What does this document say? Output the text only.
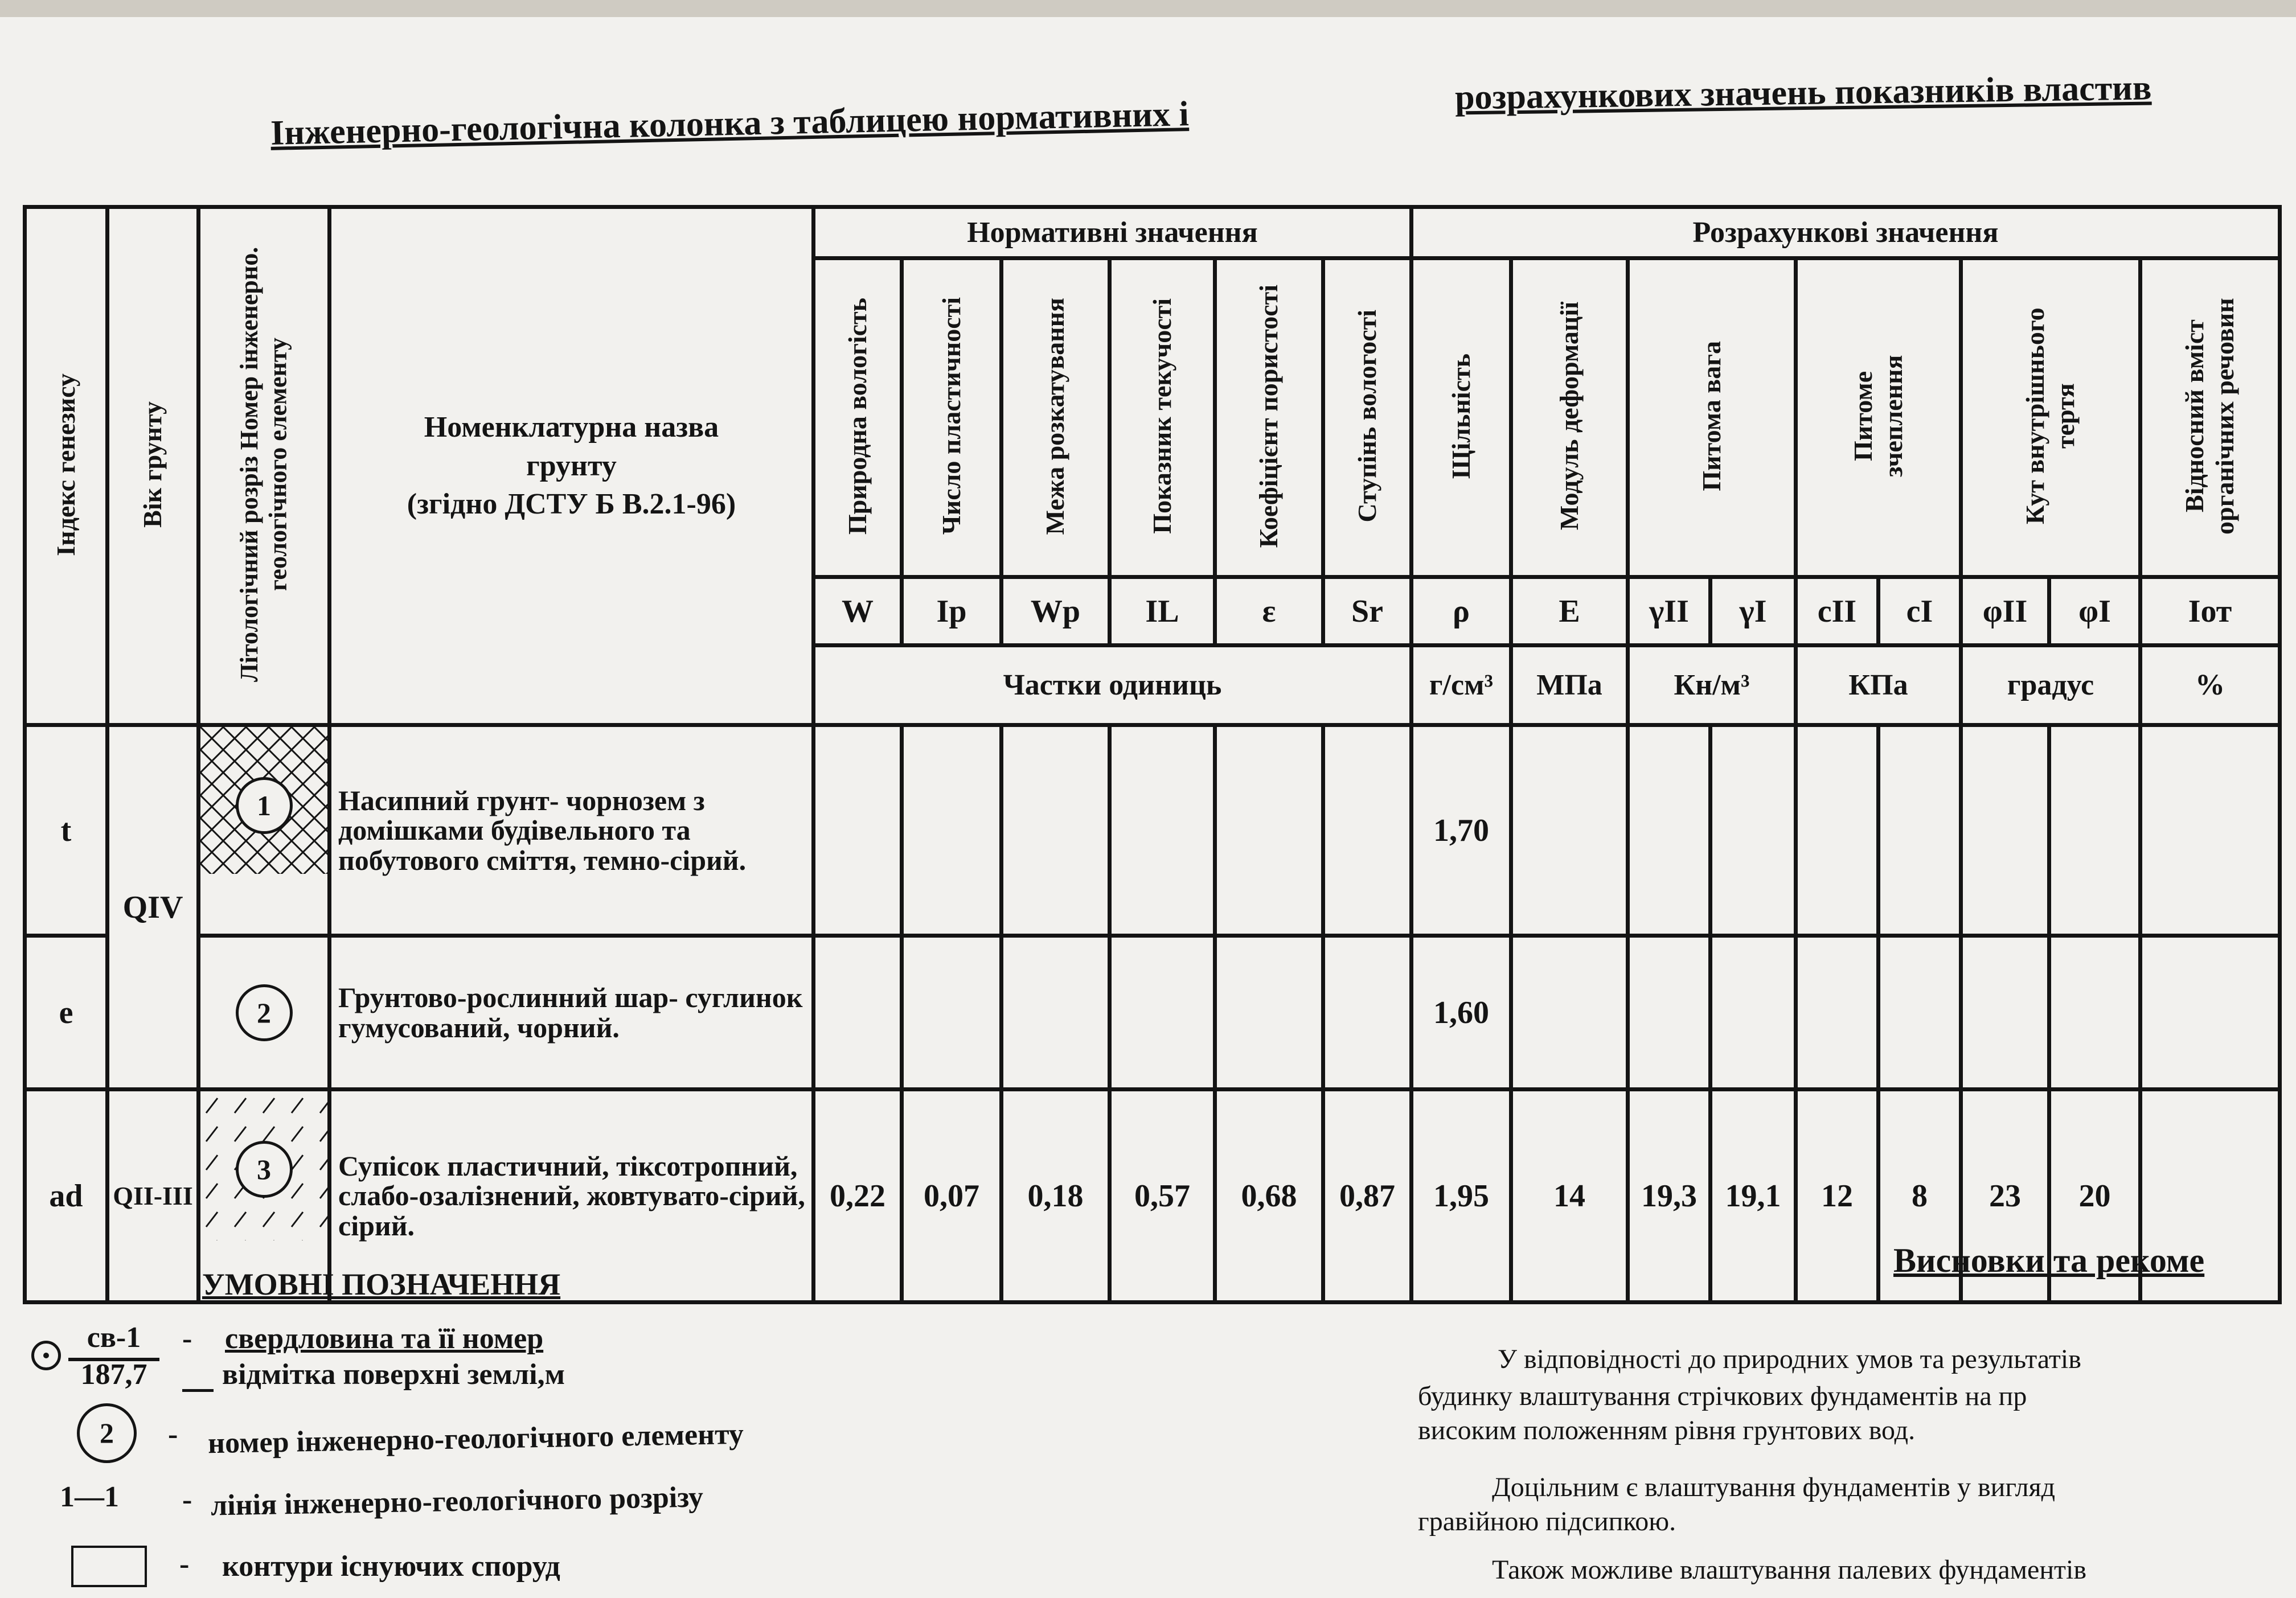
Інженерно-геологічна колонка з таблицею нормативних і
розрахункових значень показників властив
Індекс генезису	Вік грунту	Літологічний розріз Номер інженерно. геологічного елементу	Номенклатурна назва
грунту
(згідно ДСТУ Б В.2.1-96)	Нормативні значення						Розрахункові значення								
				Природна вологість	Число пластичності	Межа розкатування	Показник текучості	Коефіцієнт пористості	Ступінь вологості	Щільність	Модуль деформації	Питома вага		Питоме зчеплення		Кут внутрішнього тертя		Відносний вміст органічних речовин
				W	Ip	Wp	IL	ε	Sr	ρ	E	γII	γI	cII	cI	φII	φI	Iот
				Частки одиниць						г/см³	МПа	Кн/м³		КПа		градус		%
t	QIV	1	Насипний грунт- чорнозем з домішками будівельного та побутового сміття, темно-сірий.							1,70								
e		2	Грунтово-рослинний шар- суглинок гумусований, чорний.							1,60								
ad	QII-III	3	Супісок пластичний, тіксотропний, слабо-озалізнений, жовтувато-сірий, сірий.	0,22	0,07	0,18	0,57	0,68	0,87	1,95	14	19,3	19,1	12	8	23	20	
УМОВНІ ПОЗНАЧЕННЯ
св-1
187,7
- свердловина та її номер
відмітка поверхні землі,м
2	- номер інженерно-геологічного елементу
1—1 - лінія інженерно-геологічного розрізу
- контури існуючих споруд
Висновки та рекоме
У відповідності до природних умов та результатів
будинку влаштування стрічкових фундаментів на пр
високим положенням рівня грунтових вод.
Доцільним є влаштування фундаментів у вигляд
гравійною підсипкою.
Також можливе влаштування палевих фундаментів
